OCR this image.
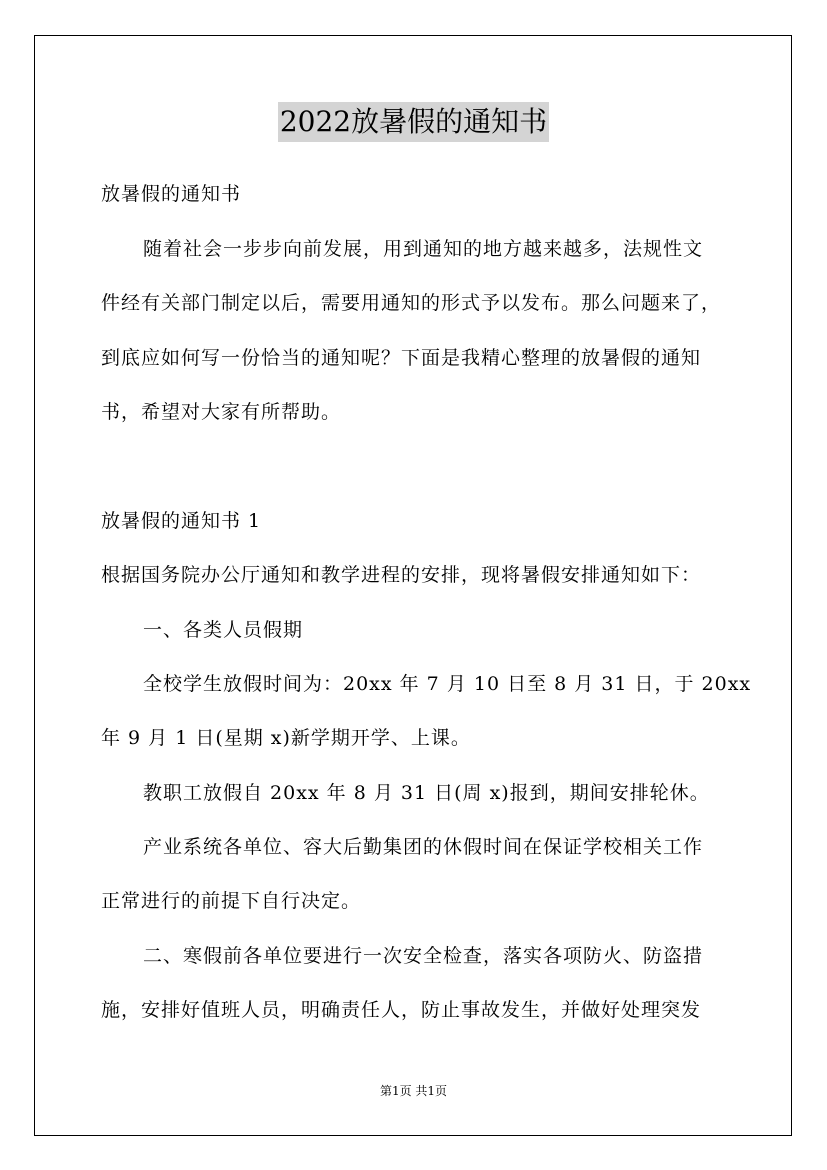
2022放暑假的通知书
放暑假的通知书
随着社会一步步向前发展，用到通知的地方越来越多，法规性文
件经有关部门制定以后，需要用通知的形式予以发布。那么问题来了，
到底应如何写一份恰当的通知呢？下面是我精心整理的放暑假的通知
书，希望对大家有所帮助。
放暑假的通知书 1
根据国务院办公厅通知和教学进程的安排，现将暑假安排通知如下：
一、各类人员假期
全校学生放假时间为：20xx 年 7 月 10 日至 8 月 31 日，于 20xx
年 9 月 1 日(星期 x)新学期开学、上课。
教职工放假自 20xx 年 8 月 31 日(周 x)报到，期间安排轮休。
产业系统各单位、容大后勤集团的休假时间在保证学校相关工作
正常进行的前提下自行决定。
二、寒假前各单位要进行一次安全检查，落实各项防火、防盗措
施，安排好值班人员，明确责任人，防止事故发生，并做好处理突发
第1页 共1页
